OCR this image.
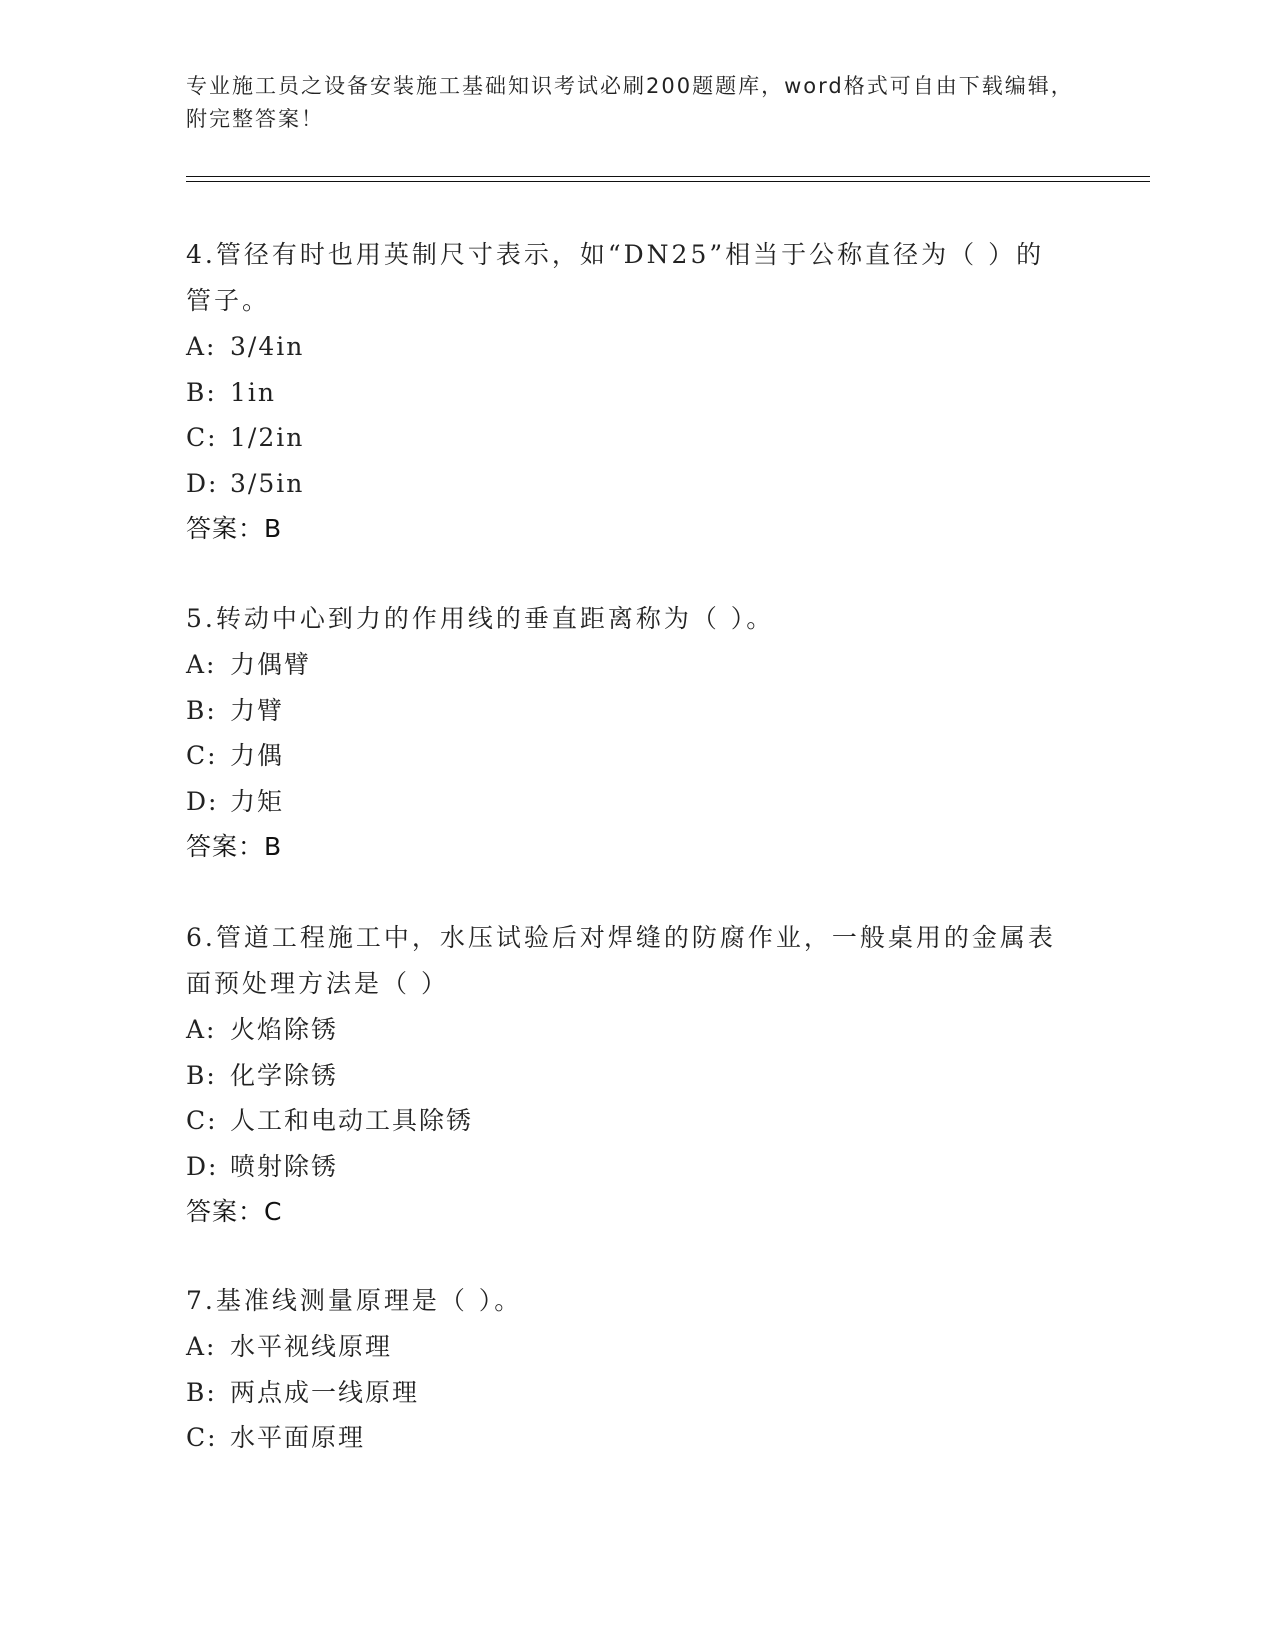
专业施工员之设备安装施工基础知识考试必刷200题题库，word格式可自由下载编辑，附完整答案！

4.管径有时也用英制尺寸表示，如“DN25”相当于公称直径为（ ）的管子。

A: 3/4in
B: 1in
C: 1/2in
D: 3/5in
答案：B

5.转动中心到力的作用线的垂直距离称为（ ）。

A: 力偶臂
B: 力臂
C: 力偶
D: 力矩
答案：B

6.管道工程施工中，水压试验后对焊缝的防腐作业，一般桌用的金属表面预处理方法是（ ）

A: 火焰除锈
B: 化学除锈
C: 人工和电动工具除锈
D: 喷射除锈
答案：C

7.基准线测量原理是（ ）。

A: 水平视线原理
B: 两点成一线原理
C: 水平面原理
